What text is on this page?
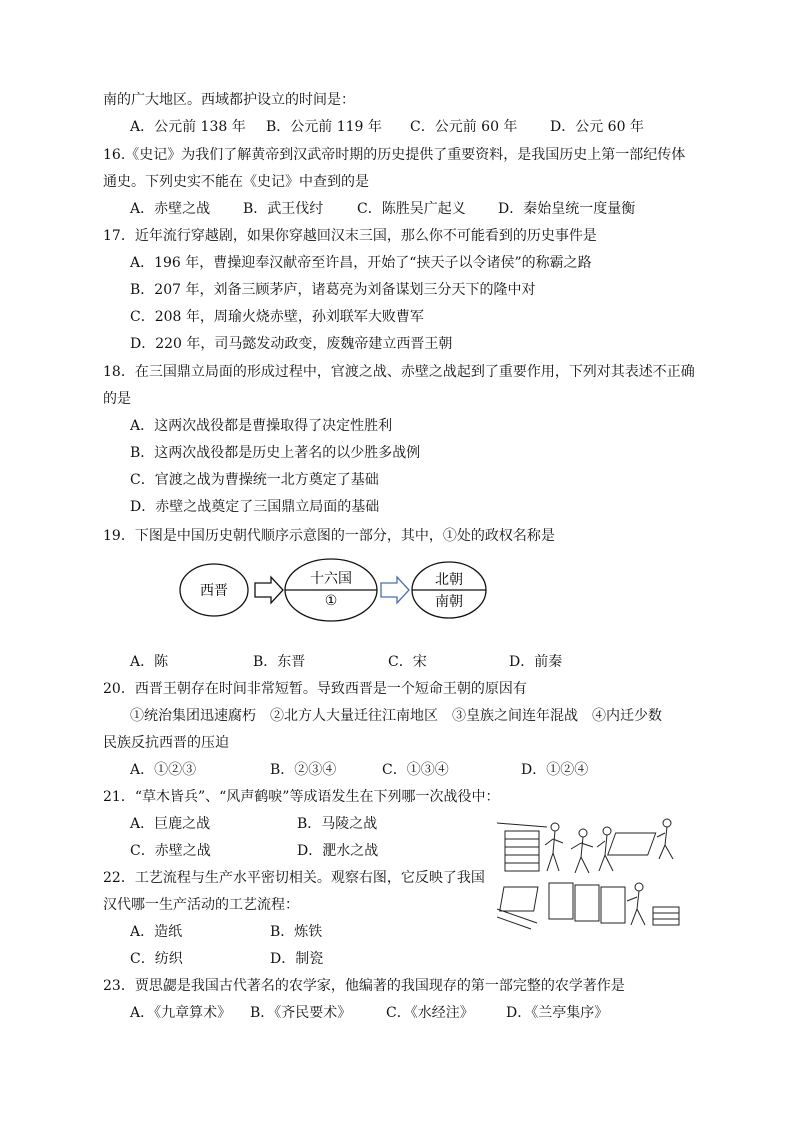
南的广大地区。西域都护设立的时间是：
A．公元前 138 年 B．公元前 119 年 C．公元前 60 年 D．公元 60 年
16.《史记》为我们了解黄帝到汉武帝时期的历史提供了重要资料，是我国历史上第一部纪传体
通史。下列史实不能在《史记》中查到的是
A．赤壁之战 B．武王伐纣 C．陈胜吴广起义 D．秦始皇统一度量衡
17．近年流行穿越剧，如果你穿越回汉末三国，那么你不可能看到的历史事件是
A．196 年，曹操迎奉汉献帝至许昌，开始了“挟天子以令诸侯”的称霸之路
B．207 年，刘备三顾茅庐，诸葛亮为刘备谋划三分天下的隆中对
C．208 年，周瑜火烧赤壁，孙刘联军大败曹军
D．220 年，司马懿发动政变，废魏帝建立西晋王朝
18．在三国鼎立局面的形成过程中，官渡之战、赤壁之战起到了重要作用，下列对其表述不正确
的是
A．这两次战役都是曹操取得了决定性胜利
B．这两次战役都是历史上著名的以少胜多战例
C．官渡之战为曹操统一北方奠定了基础
D．赤壁之战奠定了三国鼎立局面的基础
19．下图是中国历史朝代顺序示意图的一部分，其中，①处的政权名称是
西晋
十六国
①
北朝
南朝
A．陈	B．东晋	C．宋	D．前秦
20．西晋王朝存在时间非常短暂。导致西晋是一个短命王朝的原因有
①统治集团迅速腐朽　②北方人大量迁往江南地区　③皇族之间连年混战　④内迁少数
民族反抗西晋的压迫
A．①②③	B．②③④	C．①③④	D．①②④
21．“草木皆兵”、“风声鹤唳”等成语发生在下列哪一次战役中：
A．巨鹿之战	B．马陵之战
C．赤壁之战	D．淝水之战
22．工艺流程与生产水平密切相关。观察右图，它反映了我国
汉代哪一生产活动的工艺流程：
A．造纸	B．炼铁
C．纺织	D．制瓷
23．贾思勰是我国古代著名的农学家，他编著的我国现存的第一部完整的农学著作是
A．《九章算术》 B．《齐民要术》 C．《水经注》 D．《兰亭集序》
